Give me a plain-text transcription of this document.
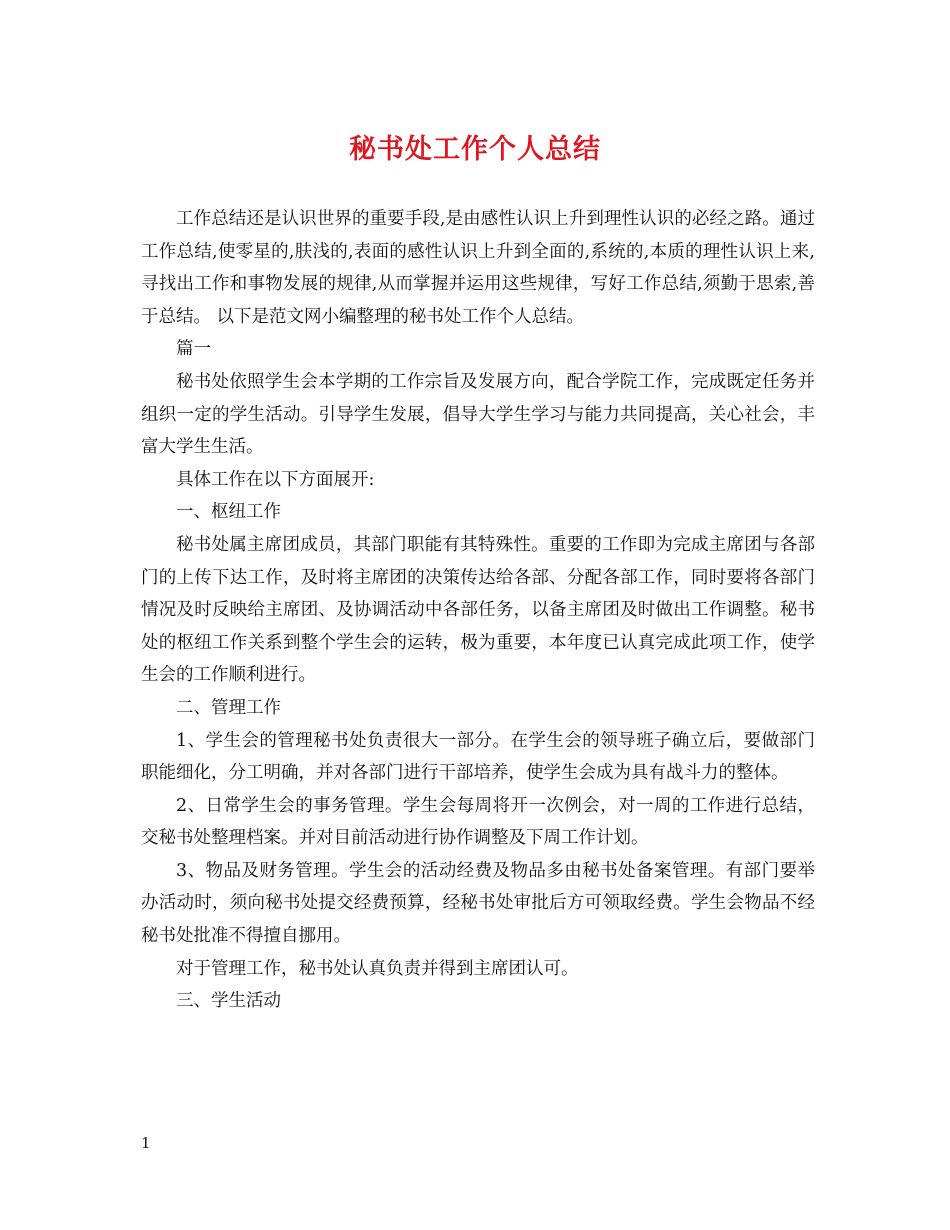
秘书处工作个人总结

工作总结还是认识世界的重要手段,是由感性认识上升到理性认识的必经之路。通过工作总结,使零星的,肤浅的,表面的感性认识上升到全面的,系统的,本质的理性认识上来,寻找出工作和事物发展的规律,从而掌握并运用这些规律，写好工作总结,须勤于思索,善于总结。 以下是范文网小编整理的秘书处工作个人总结。

篇一

秘书处依照学生会本学期的工作宗旨及发展方向，配合学院工作，完成既定任务并组织一定的学生活动。引导学生发展，倡导大学生学习与能力共同提高，关心社会，丰富大学生生活。

具体工作在以下方面展开:

一、枢纽工作

秘书处属主席团成员，其部门职能有其特殊性。重要的工作即为完成主席团与各部门的上传下达工作，及时将主席团的决策传达给各部、分配各部工作，同时要将各部门情况及时反映给主席团、及协调活动中各部任务，以备主席团及时做出工作调整。秘书处的枢纽工作关系到整个学生会的运转，极为重要，本年度已认真完成此项工作，使学生会的工作顺利进行。

二、管理工作

1、学生会的管理秘书处负责很大一部分。在学生会的领导班子确立后，要做部门职能细化，分工明确，并对各部门进行干部培养，使学生会成为具有战斗力的整体。

2、日常学生会的事务管理。学生会每周将开一次例会，对一周的工作进行总结，交秘书处整理档案。并对目前活动进行协作调整及下周工作计划。

3、物品及财务管理。学生会的活动经费及物品多由秘书处备案管理。有部门要举办活动时，须向秘书处提交经费预算，经秘书处审批后方可领取经费。学生会物品不经秘书处批准不得擅自挪用。

对于管理工作，秘书处认真负责并得到主席团认可。

三、学生活动

1
